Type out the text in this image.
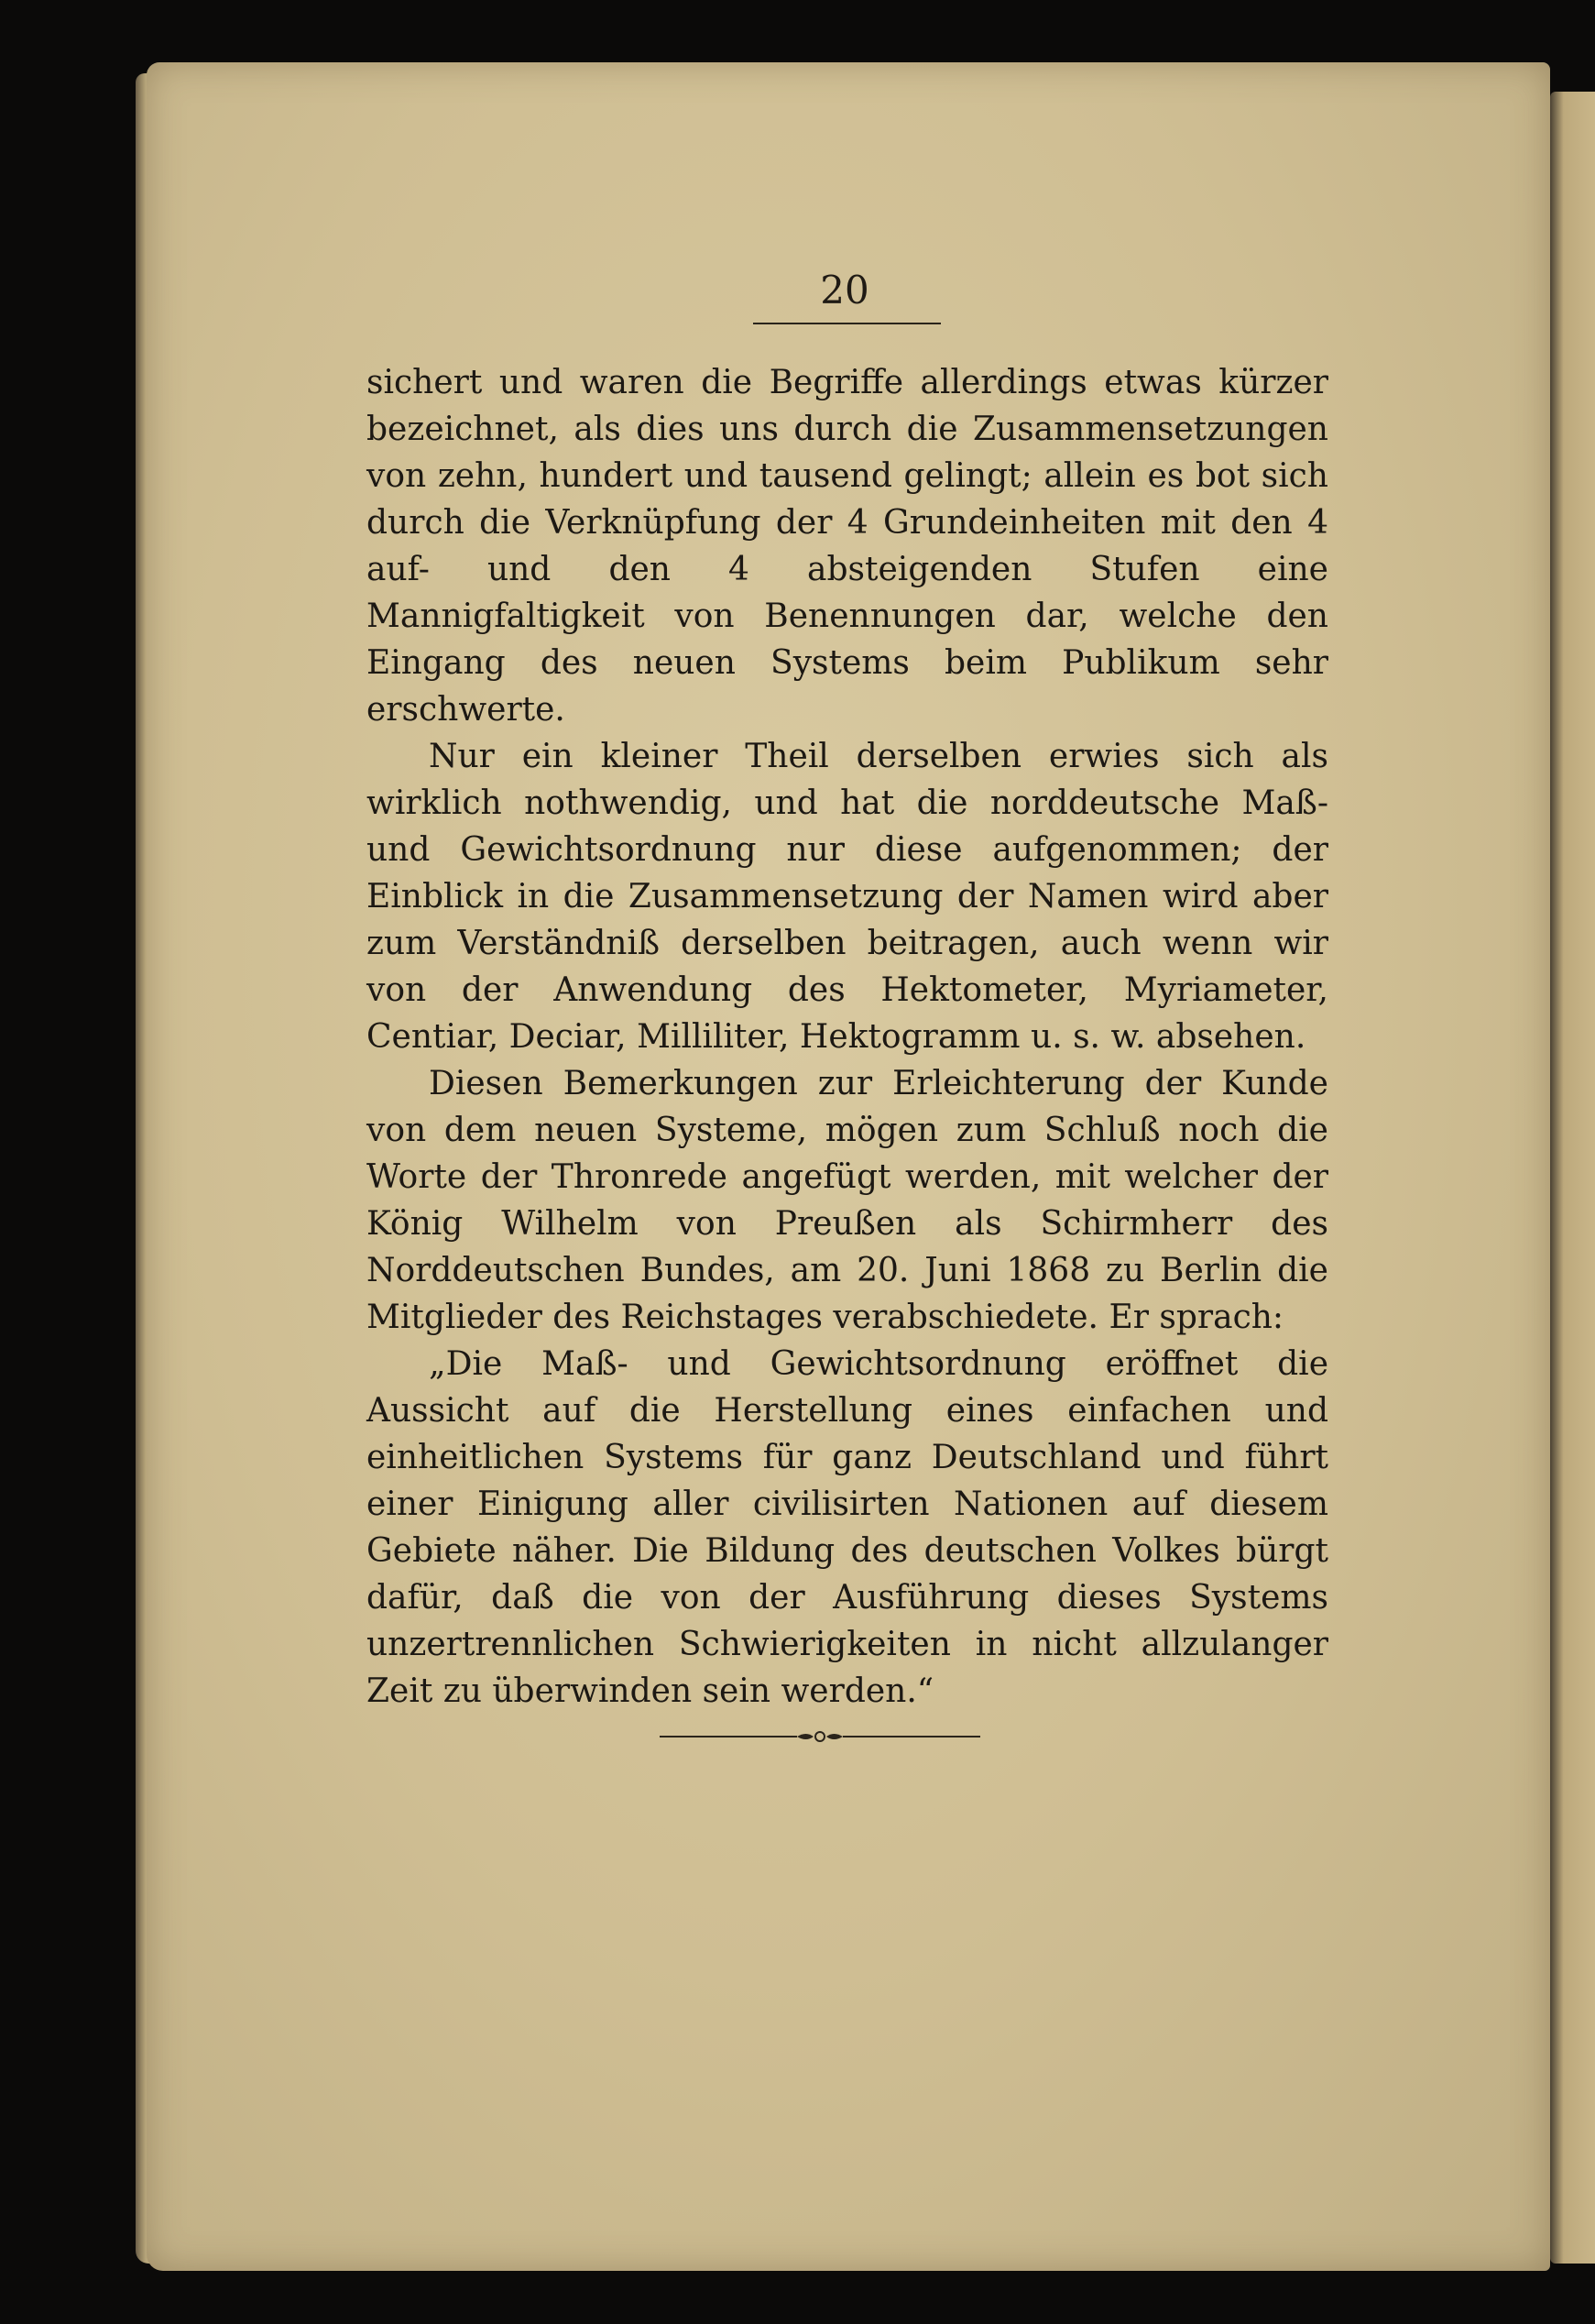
20

sichert und waren die Begriffe allerdings etwas kürzer bezeichnet, als dies uns durch die Zusammensetzungen von zehn, hundert und tausend gelingt; allein es bot sich durch die Verknüpfung der 4 Grundeinheiten mit den 4 auf- und den 4 absteigenden Stufen eine Mannigfaltigkeit von Benennungen dar, welche den Eingang des neuen Systems beim Publikum sehr erschwerte.

Nur ein kleiner Theil derselben erwies sich als wirklich nothwendig, und hat die norddeutsche Maß- und Gewichtsordnung nur diese aufgenommen; der Einblick in die Zusammensetzung der Namen wird aber zum Verständniß derselben beitragen, auch wenn wir von der Anwendung des Hektometer, Myriameter, Centiar, Deciar, Milliliter, Hektogramm u. s. w. absehen.

Diesen Bemerkungen zur Erleichterung der Kunde von dem neuen Systeme, mögen zum Schluß noch die Worte der Thronrede angefügt werden, mit welcher der König Wilhelm von Preußen als Schirmherr des Norddeutschen Bundes, am 20. Juni 1868 zu Berlin die Mitglieder des Reichstages verabschiedete. Er sprach:

„Die Maß- und Gewichtsordnung eröffnet die Aussicht auf die Herstellung eines einfachen und einheitlichen Systems für ganz Deutschland und führt einer Einigung aller civilisirten Nationen auf diesem Gebiete näher. Die Bildung des deutschen Volkes bürgt dafür, daß die von der Ausführung dieses Systems unzertrennlichen Schwierigkeiten in nicht allzulanger Zeit zu überwinden sein werden.“
